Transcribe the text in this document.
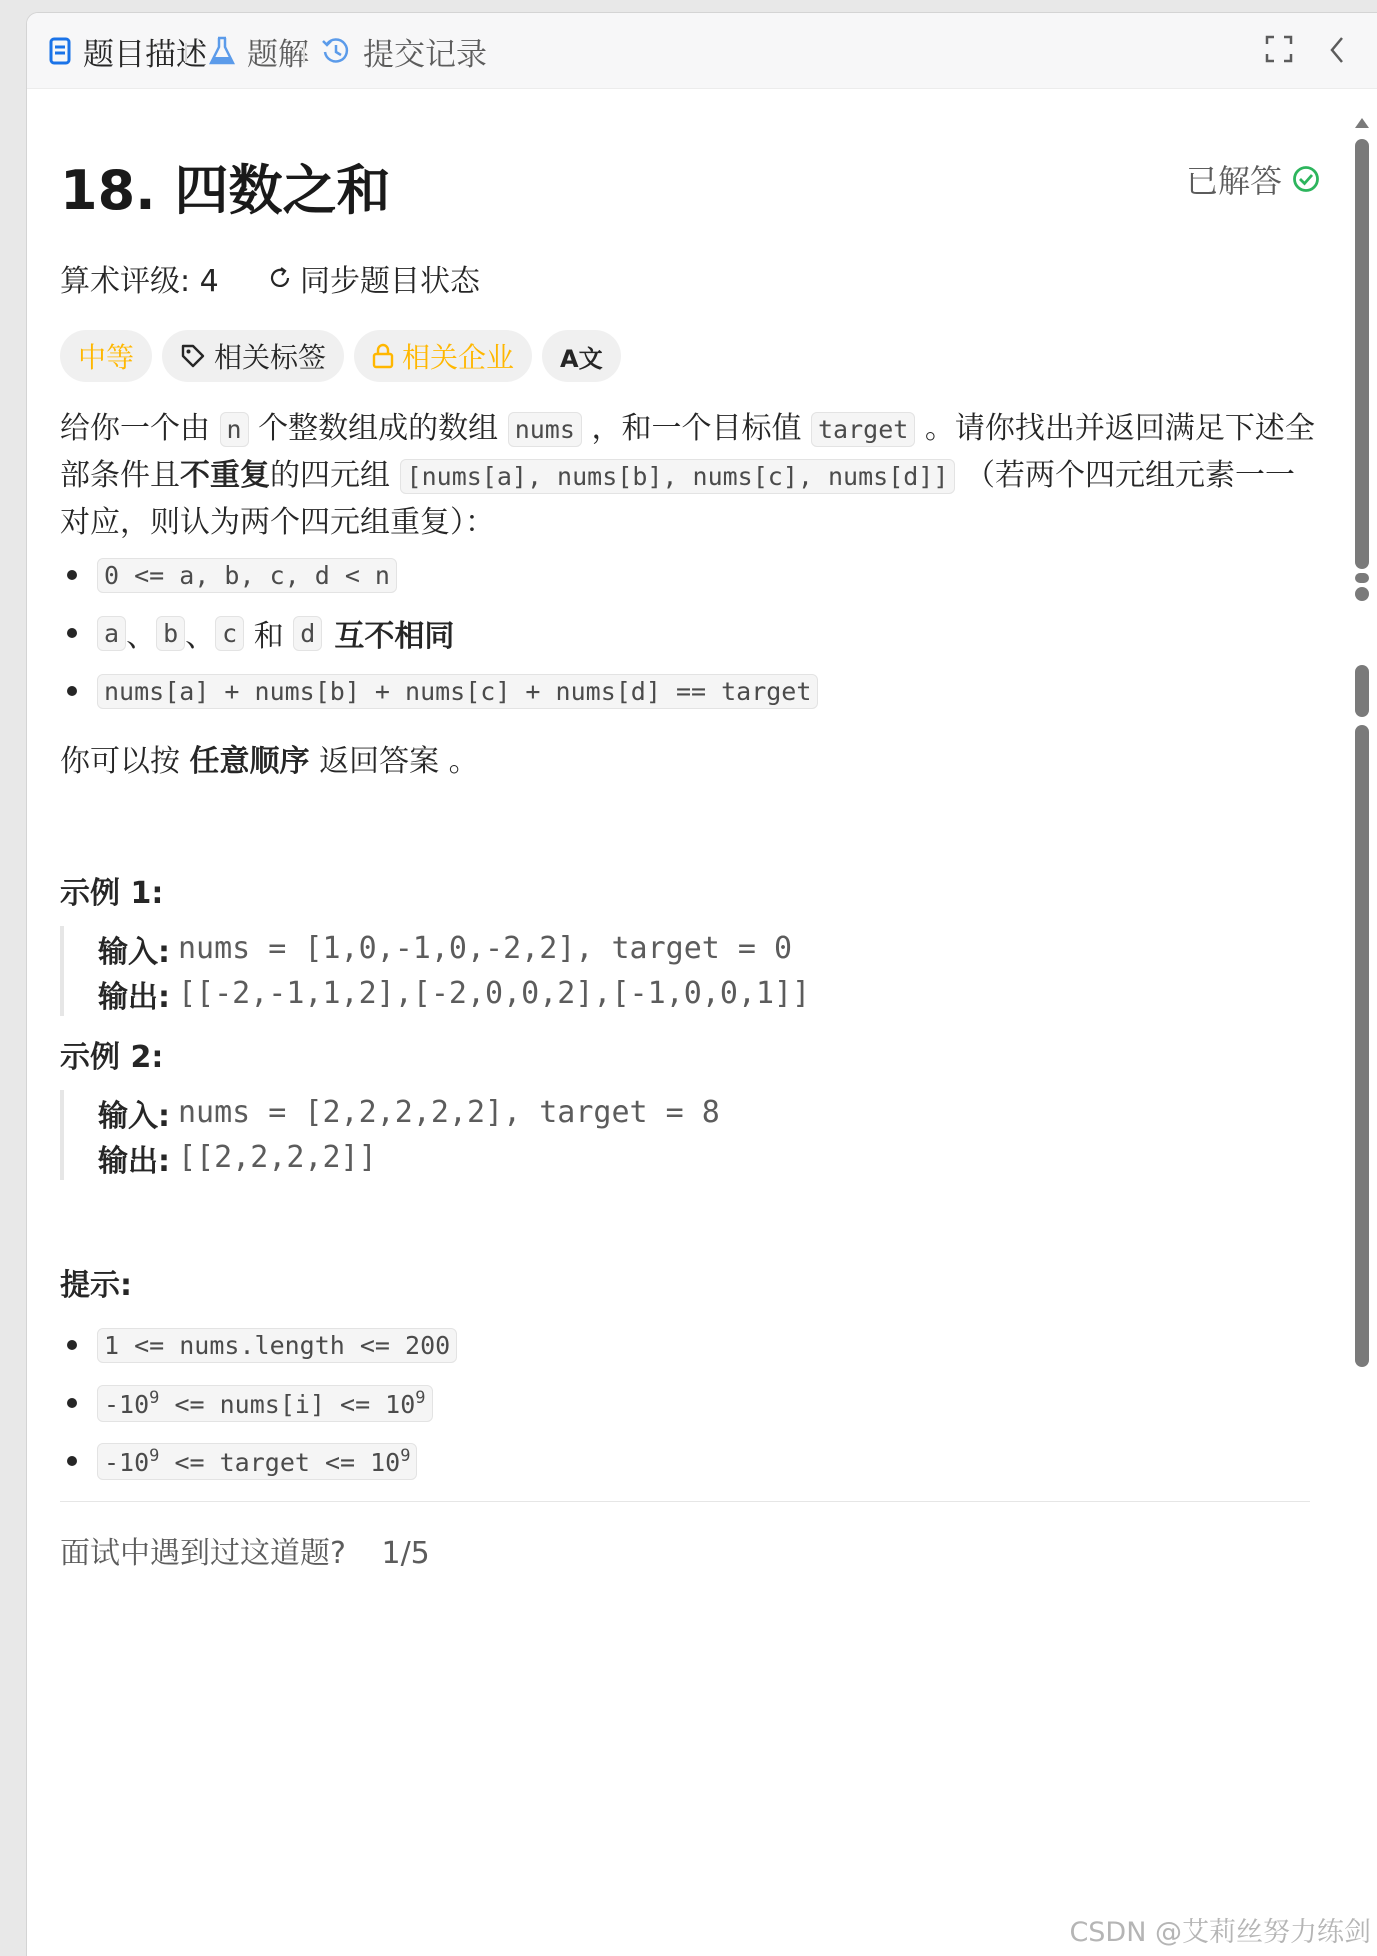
题目描述 题解 提交记录
18. 四数之和	已解答
算术评级: 4	同步题目状态
中等	相关标签	相关企业	A文

给你一个由 n 个整数组成的数组 nums ，和一个目标值 target 。请你找出并返回满足下述全部条件且不重复的四元组 [nums[a], nums[b], nums[c], nums[d]] （若两个四元组元素一一对应，则认为两个四元组重复）：

0 <= a, b, c, d < n
a 、 b 、 c 和 d 互不相同
nums[a] + nums[b] + nums[c] + nums[d] == target
你可以按 任意顺序 返回答案 。
示例 1:
输入: nums = [1,0,-1,0,-2,2], target = 0
输出: [[-2,-1,1,2],[-2,0,0,2],[-1,0,0,1]]
示例 2:
输入: nums = [2,2,2,2,2], target = 8
输出: [[2,2,2,2]]
提示:
1 <= nums.length <= 200
$-10^9$ <= nums[i] <= $10^9$
$-10^9$ <= target <= $10^9$
面试中遇到过这道题? 1/5
CSDN @艾莉丝努力练剑
